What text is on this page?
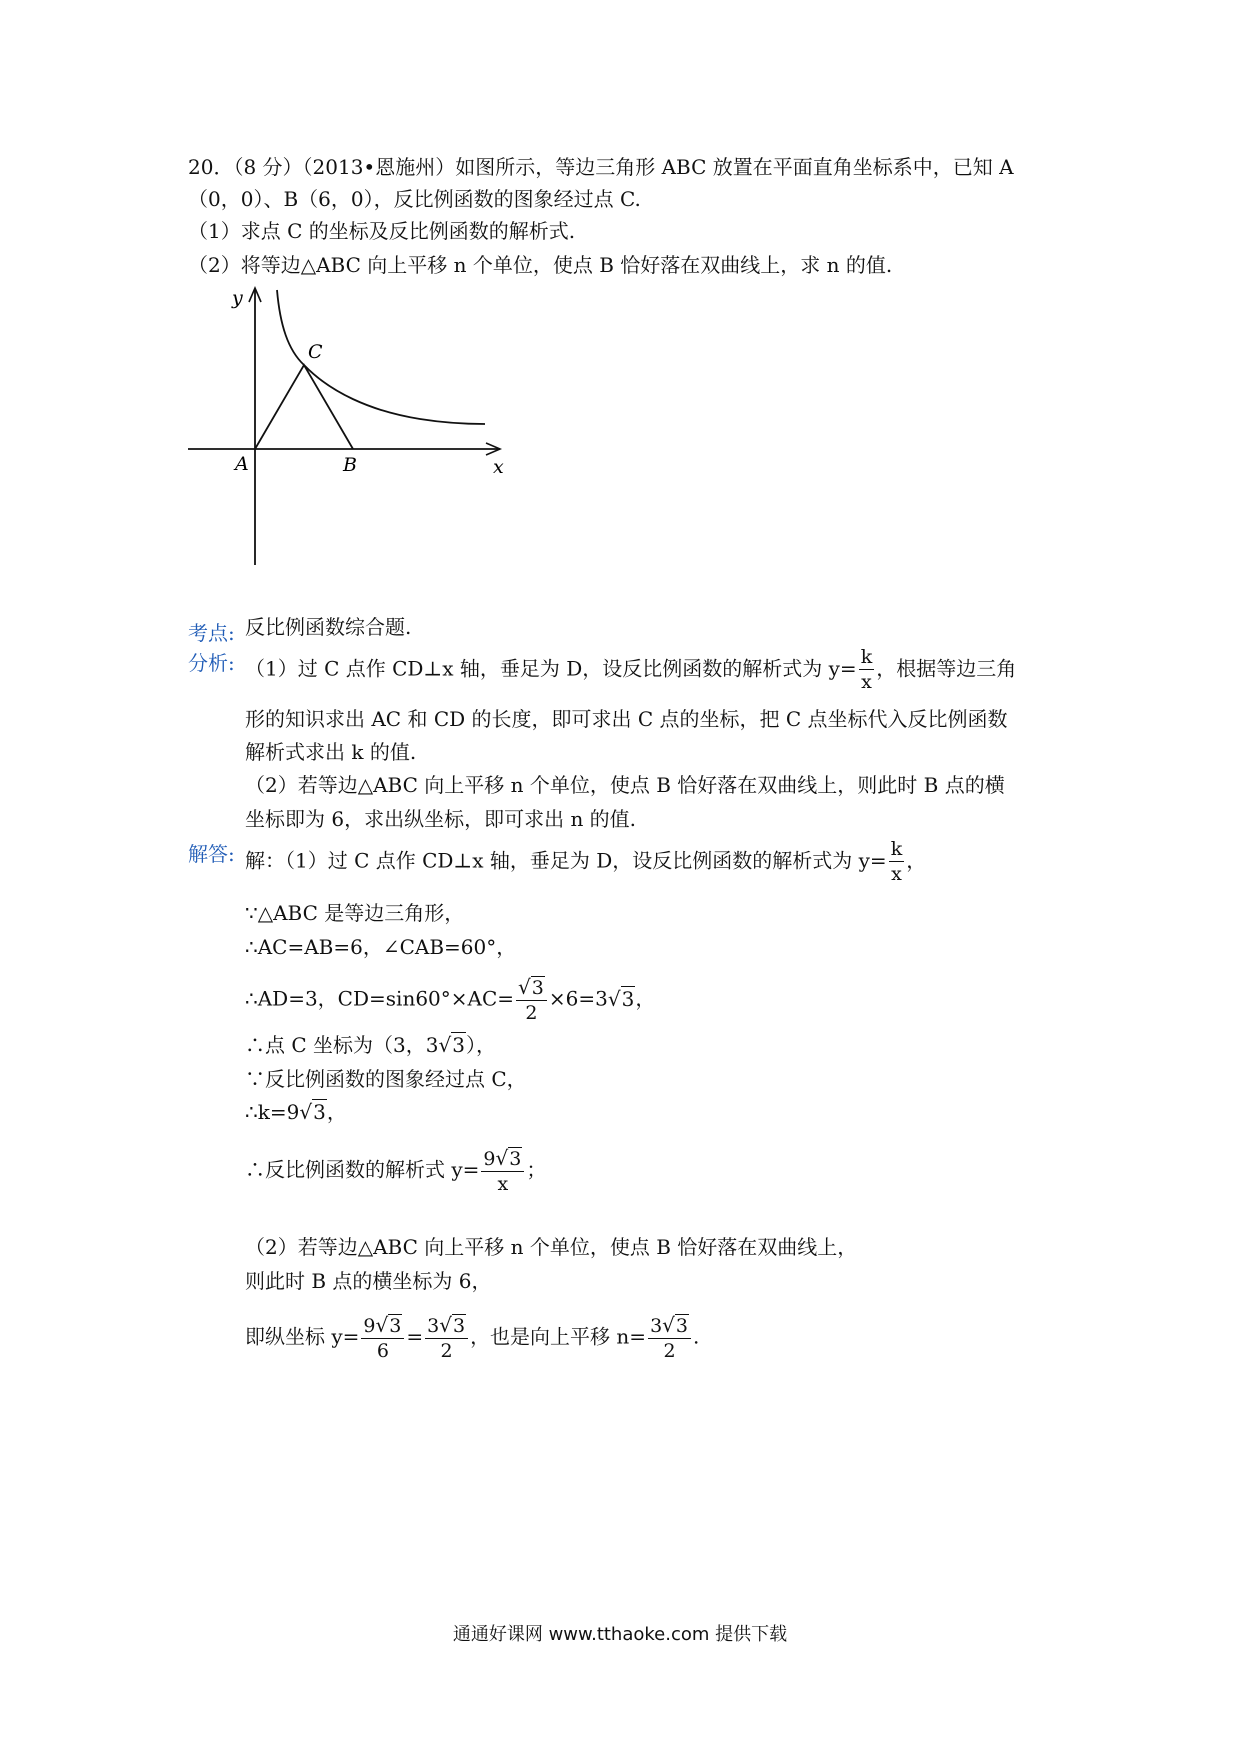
20．（8 分）（2013•恩施州）如图所示，等边三角形 ABC 放置在平面直角坐标系中，已知 A
（0，0）、B（6，0），反比例函数的图象经过点 C.
（1）求点 C 的坐标及反比例函数的解析式.
（2）将等边△ABC 向上平移 n 个单位，使点 B 恰好落在双曲线上，求 n 的值.
y
x
A	B
C
考点: 反比例函数综合题.
分析: （1）过 C 点作 CD⊥x 轴，垂足为 D，设反比例函数的解析式为 $y= \frac{k}{x}$ ，根据等边三角
形的知识求出 AC 和 CD 的长度，即可求出 C 点的坐标，把 C 点坐标代入反比例函数
解析式求出 k 的值.
（2）若等边△ABC 向上平移 n 个单位，使点 B 恰好落在双曲线上，则此时 B 点的横
坐标即为 6，求出纵坐标，即可求出 n 的值.
解答: 解：（1）过 C 点作 CD⊥x 轴，垂足为 D，设反比例函数的解析式为 $y= \frac{k}{x}$ ，
∵△ABC 是等边三角形，
∴AC=AB=6，∠CAB=60°，
∴AD=3，$CD=\sin 60^\circ\times AC= \frac{√3}{2} \times 6=3√3$，
∴点 C 坐标为（3，3√3），
∵反比例函数的图象经过点 C，
∴k=9√3，
∴反比例函数的解析式 $y= \frac{9√3}{x}$ ；
（2）若等边△ABC 向上平移 n 个单位，使点 B 恰好落在双曲线上，
则此时 B 点的横坐标为 6，
即纵坐标 $y= \frac{9√3}{6} = \frac{3√3}{2}$ ，也是向上平移 $n= \frac{3√3}{2}$ .
通通好课网 www.tthaoke.com 提供下载
